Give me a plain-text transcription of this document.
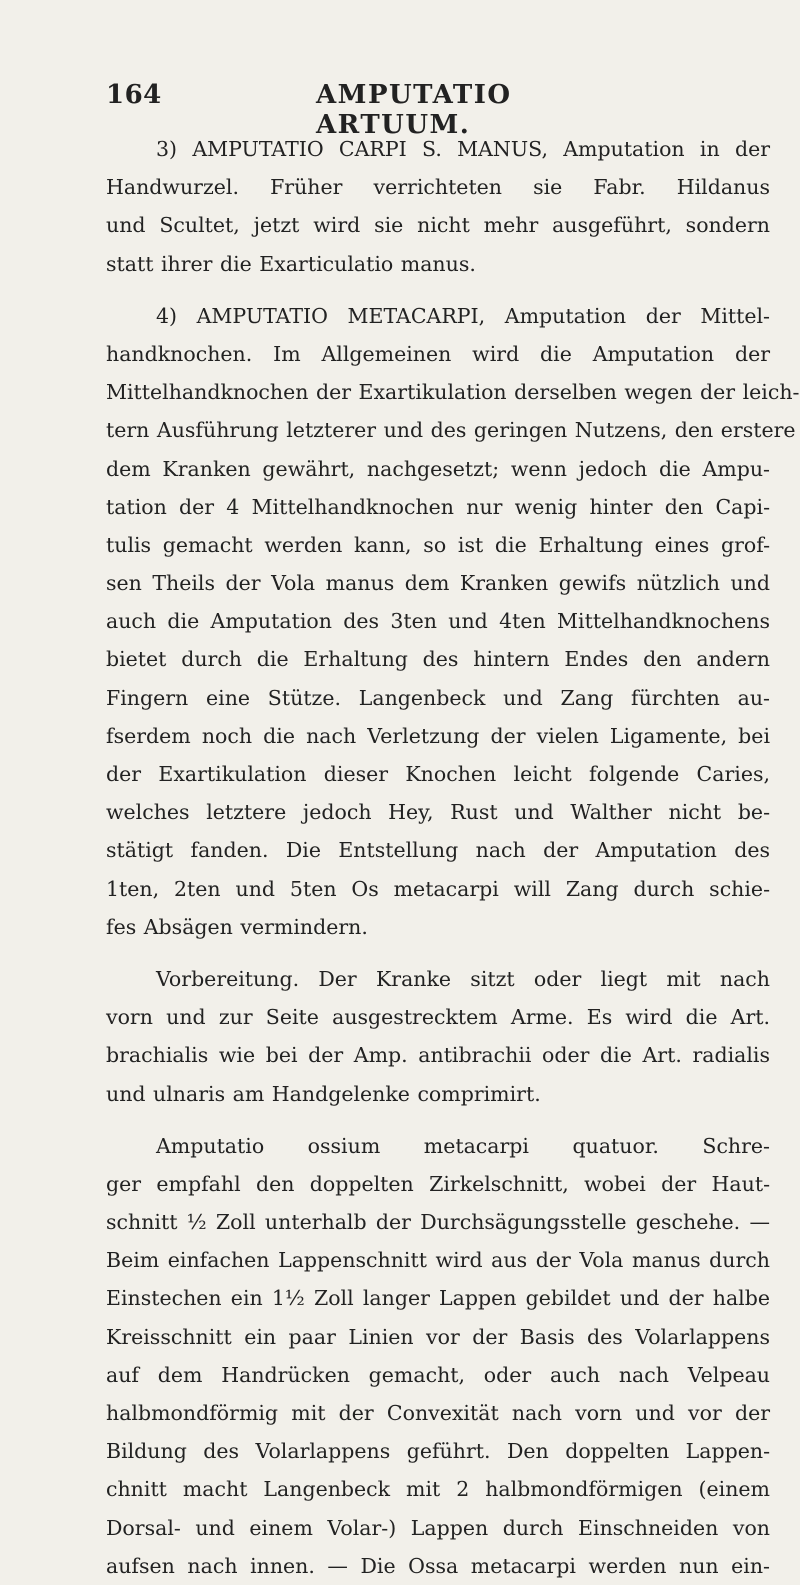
164	AMPUTATIO ARTUUM.
3) AMPUTATIO CARPI S. MANUS, Amputation in der
Handwurzel. Früher verrichteten sie Fabr. Hildanus
und Scultet, jetzt wird sie nicht mehr ausgeführt, sondern
statt ihrer die Exarticulatio manus.
4) AMPUTATIO METACARPI, Amputation der Mittel-
handknochen. Im Allgemeinen wird die Amputation der
Mittelhandknochen der Exartikulation derselben wegen der leich-
tern Ausführung letzterer und des geringen Nutzens, den erstere
dem Kranken gewährt, nachgesetzt; wenn jedoch die Ampu-
tation der 4 Mittelhandknochen nur wenig hinter den Capi-
tulis gemacht werden kann, so ist die Erhaltung eines grof-
sen Theils der Vola manus dem Kranken gewifs nützlich und
auch die Amputation des 3ten und 4ten Mittelhandknochens
bietet durch die Erhaltung des hintern Endes den andern
Fingern eine Stütze. Langenbeck und Zang fürchten au-
fserdem noch die nach Verletzung der vielen Ligamente, bei
der Exartikulation dieser Knochen leicht folgende Caries,
welches letztere jedoch Hey, Rust und Walther nicht be-
stätigt fanden. Die Entstellung nach der Amputation des
1ten, 2ten und 5ten Os metacarpi will Zang durch schie-
fes Absägen vermindern.
Vorbereitung. Der Kranke sitzt oder liegt mit nach
vorn und zur Seite ausgestrecktem Arme. Es wird die Art.
brachialis wie bei der Amp. antibrachii oder die Art. radialis
und ulnaris am Handgelenke comprimirt.
Amputatio ossium metacarpi quatuor. Schre-
ger empfahl den doppelten Zirkelschnitt, wobei der Haut-
schnitt ½ Zoll unterhalb der Durchsägungsstelle geschehe. —
Beim einfachen Lappenschnitt wird aus der Vola manus durch
Einstechen ein 1½ Zoll langer Lappen gebildet und der halbe
Kreisschnitt ein paar Linien vor der Basis des Volarlappens
auf dem Handrücken gemacht, oder auch nach Velpeau
halbmondförmig mit der Convexität nach vorn und vor der
Bildung des Volarlappens geführt. Den doppelten Lappen-
chnitt macht Langenbeck mit 2 halbmondförmigen (einem
Dorsal- und einem Volar-) Lappen durch Einschneiden von
aufsen nach innen. — Die Ossa metacarpi werden nun ein-
